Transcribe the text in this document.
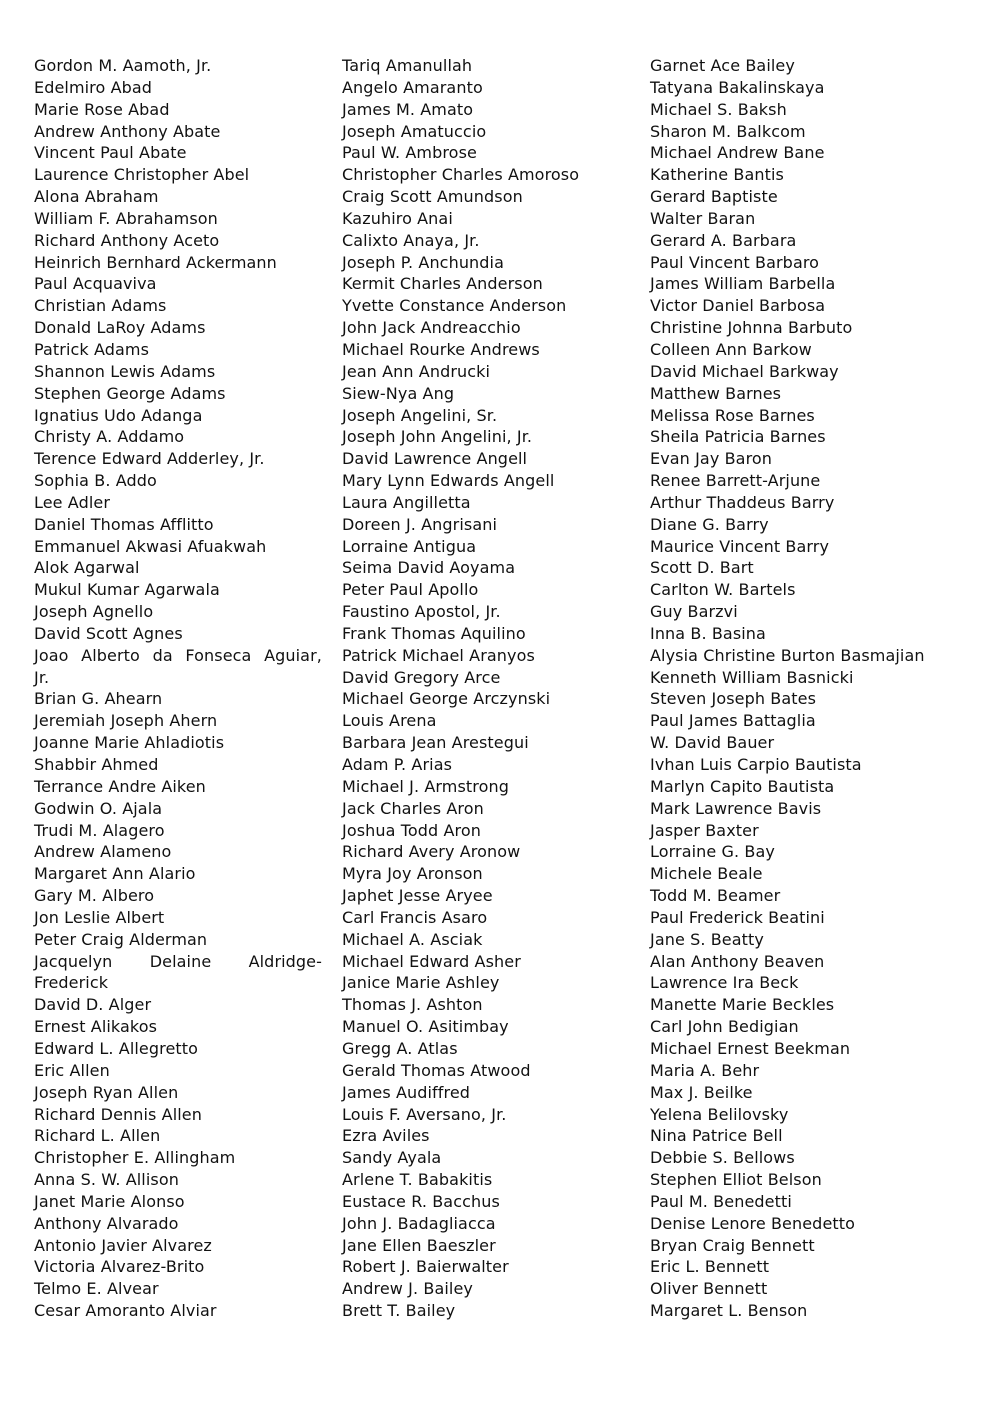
Gordon M. Aamoth, Jr.
Edelmiro Abad
Marie Rose Abad
Andrew Anthony Abate
Vincent Paul Abate
Laurence Christopher Abel
Alona Abraham
William F. Abrahamson
Richard Anthony Aceto
Heinrich Bernhard Ackermann
Paul Acquaviva
Christian Adams
Donald LaRoy Adams
Patrick Adams
Shannon Lewis Adams
Stephen George Adams
Ignatius Udo Adanga
Christy A. Addamo
Terence Edward Adderley, Jr.
Sophia B. Addo
Lee Adler
Daniel Thomas Afflitto
Emmanuel Akwasi Afuakwah
Alok Agarwal
Mukul Kumar Agarwala
Joseph Agnello
David Scott Agnes
Joao Alberto da Fonseca Aguiar,
Jr.
Brian G. Ahearn
Jeremiah Joseph Ahern
Joanne Marie Ahladiotis
Shabbir Ahmed
Terrance Andre Aiken
Godwin O. Ajala
Trudi M. Alagero
Andrew Alameno
Margaret Ann Alario
Gary M. Albero
Jon Leslie Albert
Peter Craig Alderman
Jacquelyn Delaine Aldridge-
Frederick
David D. Alger
Ernest Alikakos
Edward L. Allegretto
Eric Allen
Joseph Ryan Allen
Richard Dennis Allen
Richard L. Allen
Christopher E. Allingham
Anna S. W. Allison
Janet Marie Alonso
Anthony Alvarado
Antonio Javier Alvarez
Victoria Alvarez-Brito
Telmo E. Alvear
Cesar Amoranto Alviar
Tariq Amanullah
Angelo Amaranto
James M. Amato
Joseph Amatuccio
Paul W. Ambrose
Christopher Charles Amoroso
Craig Scott Amundson
Kazuhiro Anai
Calixto Anaya, Jr.
Joseph P. Anchundia
Kermit Charles Anderson
Yvette Constance Anderson
John Jack Andreacchio
Michael Rourke Andrews
Jean Ann Andrucki
Siew-Nya Ang
Joseph Angelini, Sr.
Joseph John Angelini, Jr.
David Lawrence Angell
Mary Lynn Edwards Angell
Laura Angilletta
Doreen J. Angrisani
Lorraine Antigua
Seima David Aoyama
Peter Paul Apollo
Faustino Apostol, Jr.
Frank Thomas Aquilino
Patrick Michael Aranyos
David Gregory Arce
Michael George Arczynski
Louis Arena
Barbara Jean Arestegui
Adam P. Arias
Michael J. Armstrong
Jack Charles Aron
Joshua Todd Aron
Richard Avery Aronow
Myra Joy Aronson
Japhet Jesse Aryee
Carl Francis Asaro
Michael A. Asciak
Michael Edward Asher
Janice Marie Ashley
Thomas J. Ashton
Manuel O. Asitimbay
Gregg A. Atlas
Gerald Thomas Atwood
James Audiffred
Louis F. Aversano, Jr.
Ezra Aviles
Sandy Ayala
Arlene T. Babakitis
Eustace R. Bacchus
John J. Badagliacca
Jane Ellen Baeszler
Robert J. Baierwalter
Andrew J. Bailey
Brett T. Bailey
Garnet Ace Bailey
Tatyana Bakalinskaya
Michael S. Baksh
Sharon M. Balkcom
Michael Andrew Bane
Katherine Bantis
Gerard Baptiste
Walter Baran
Gerard A. Barbara
Paul Vincent Barbaro
James William Barbella
Victor Daniel Barbosa
Christine Johnna Barbuto
Colleen Ann Barkow
David Michael Barkway
Matthew Barnes
Melissa Rose Barnes
Sheila Patricia Barnes
Evan Jay Baron
Renee Barrett-Arjune
Arthur Thaddeus Barry
Diane G. Barry
Maurice Vincent Barry
Scott D. Bart
Carlton W. Bartels
Guy Barzvi
Inna B. Basina
Alysia Christine Burton Basmajian
Kenneth William Basnicki
Steven Joseph Bates
Paul James Battaglia
W. David Bauer
Ivhan Luis Carpio Bautista
Marlyn Capito Bautista
Mark Lawrence Bavis
Jasper Baxter
Lorraine G. Bay
Michele Beale
Todd M. Beamer
Paul Frederick Beatini
Jane S. Beatty
Alan Anthony Beaven
Lawrence Ira Beck
Manette Marie Beckles
Carl John Bedigian
Michael Ernest Beekman
Maria A. Behr
Max J. Beilke
Yelena Belilovsky
Nina Patrice Bell
Debbie S. Bellows
Stephen Elliot Belson
Paul M. Benedetti
Denise Lenore Benedetto
Bryan Craig Bennett
Eric L. Bennett
Oliver Bennett
Margaret L. Benson
